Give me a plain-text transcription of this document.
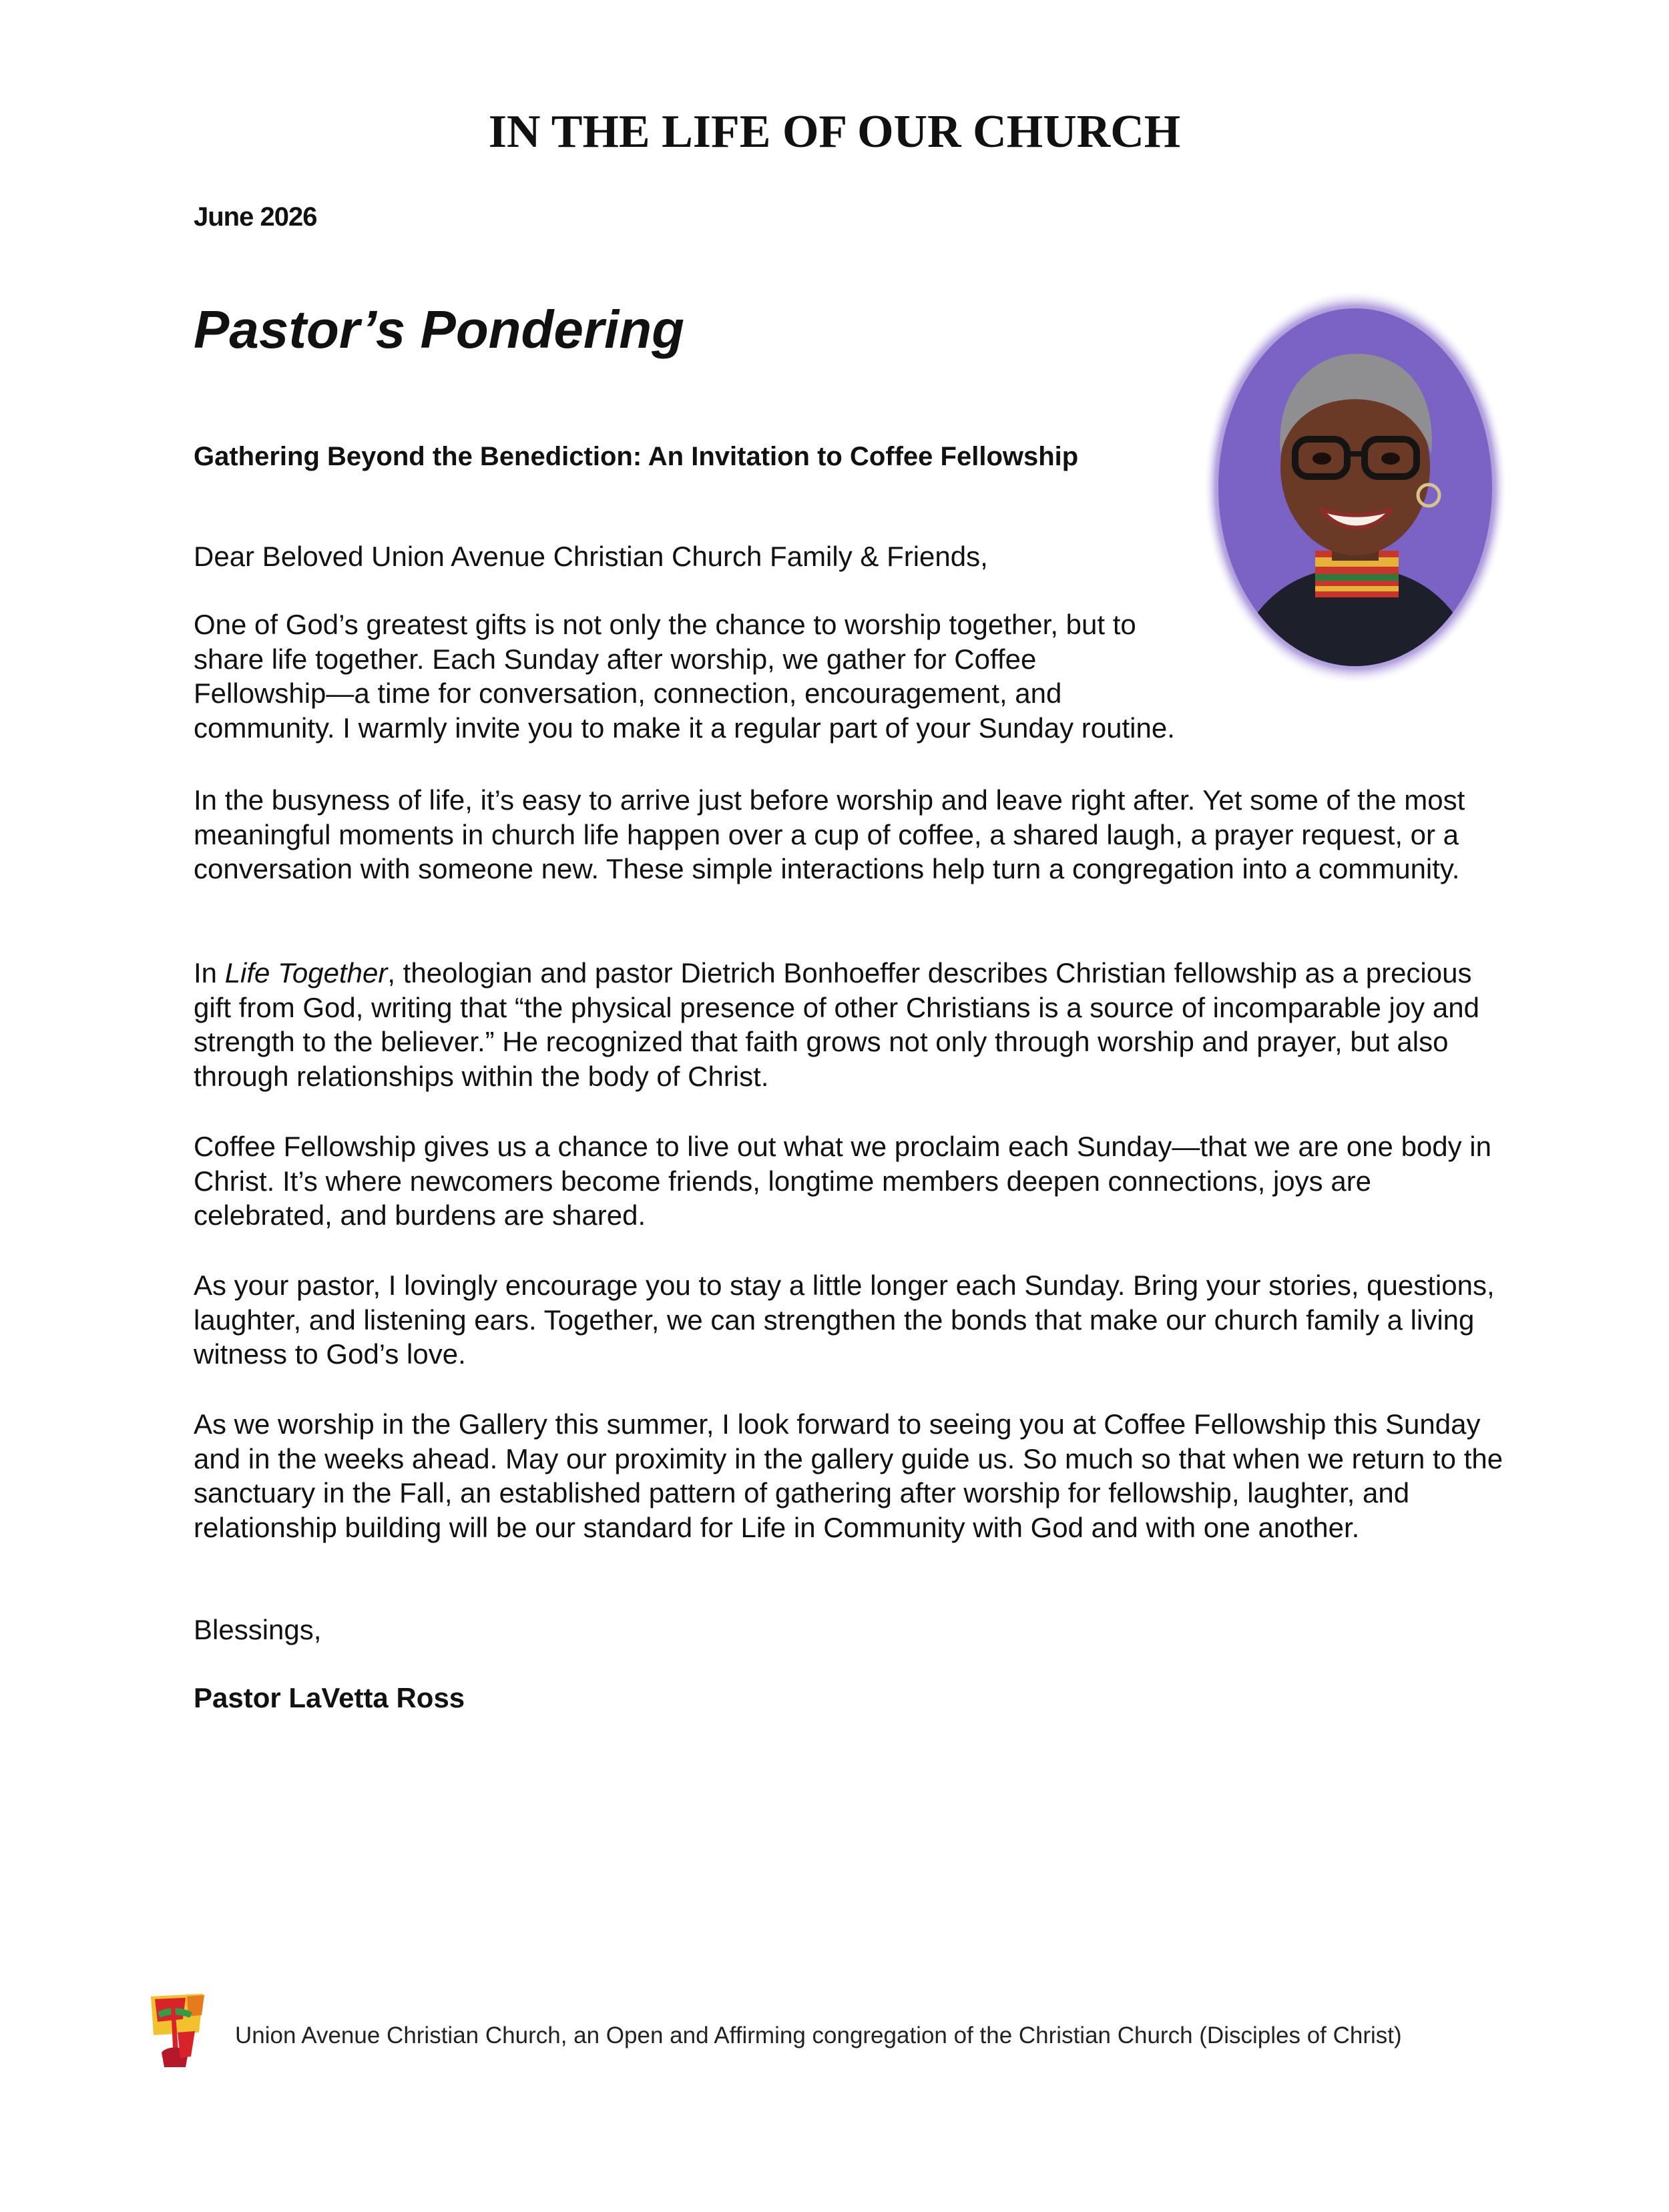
IN THE LIFE OF OUR CHURCH

June 2026

Pastor’s Pondering
Gathering Beyond the Benediction: An Invitation to Coffee Fellowship

Dear Beloved Union Avenue Christian Church Family & Friends,

One of God’s greatest gifts is not only the chance to worship together, but to
share life together. Each Sunday after worship, we gather for Coffee
Fellowship—a time for conversation, connection, encouragement, and
community. I warmly invite you to make it a regular part of your Sunday routine.

In the busyness of life, it’s easy to arrive just before worship and leave right after. Yet some of the most meaningful moments in church life happen over a cup of coffee, a shared laugh, a prayer request, or a conversation with someone new. These simple interactions help turn a congregation into a community.

In Life Together, theologian and pastor Dietrich Bonhoeffer describes Christian fellowship as a precious gift from God, writing that “the physical presence of other Christians is a source of incomparable joy and strength to the believer.” He recognized that faith grows not only through worship and prayer, but also through relationships within the body of Christ.

Coffee Fellowship gives us a chance to live out what we proclaim each Sunday—that we are one body in Christ. It’s where newcomers become friends, longtime members deepen connections, joys are celebrated, and burdens are shared.

As your pastor, I lovingly encourage you to stay a little longer each Sunday. Bring your stories, questions, laughter, and listening ears. Together, we can strengthen the bonds that make our church family a living witness to God’s love.

As we worship in the Gallery this summer, I look forward to seeing you at Coffee Fellowship this Sunday and in the weeks ahead. May our proximity in the gallery guide us. So much so that when we return to the sanctuary in the Fall, an established pattern of gathering after worship for fellowship, laughter, and relationship building will be our standard for Life in Community with God and with one another.

Blessings,

Pastor LaVetta Ross

Union Avenue Christian Church, an Open and Affirming congregation of the Christian Church (Disciples of Christ)
